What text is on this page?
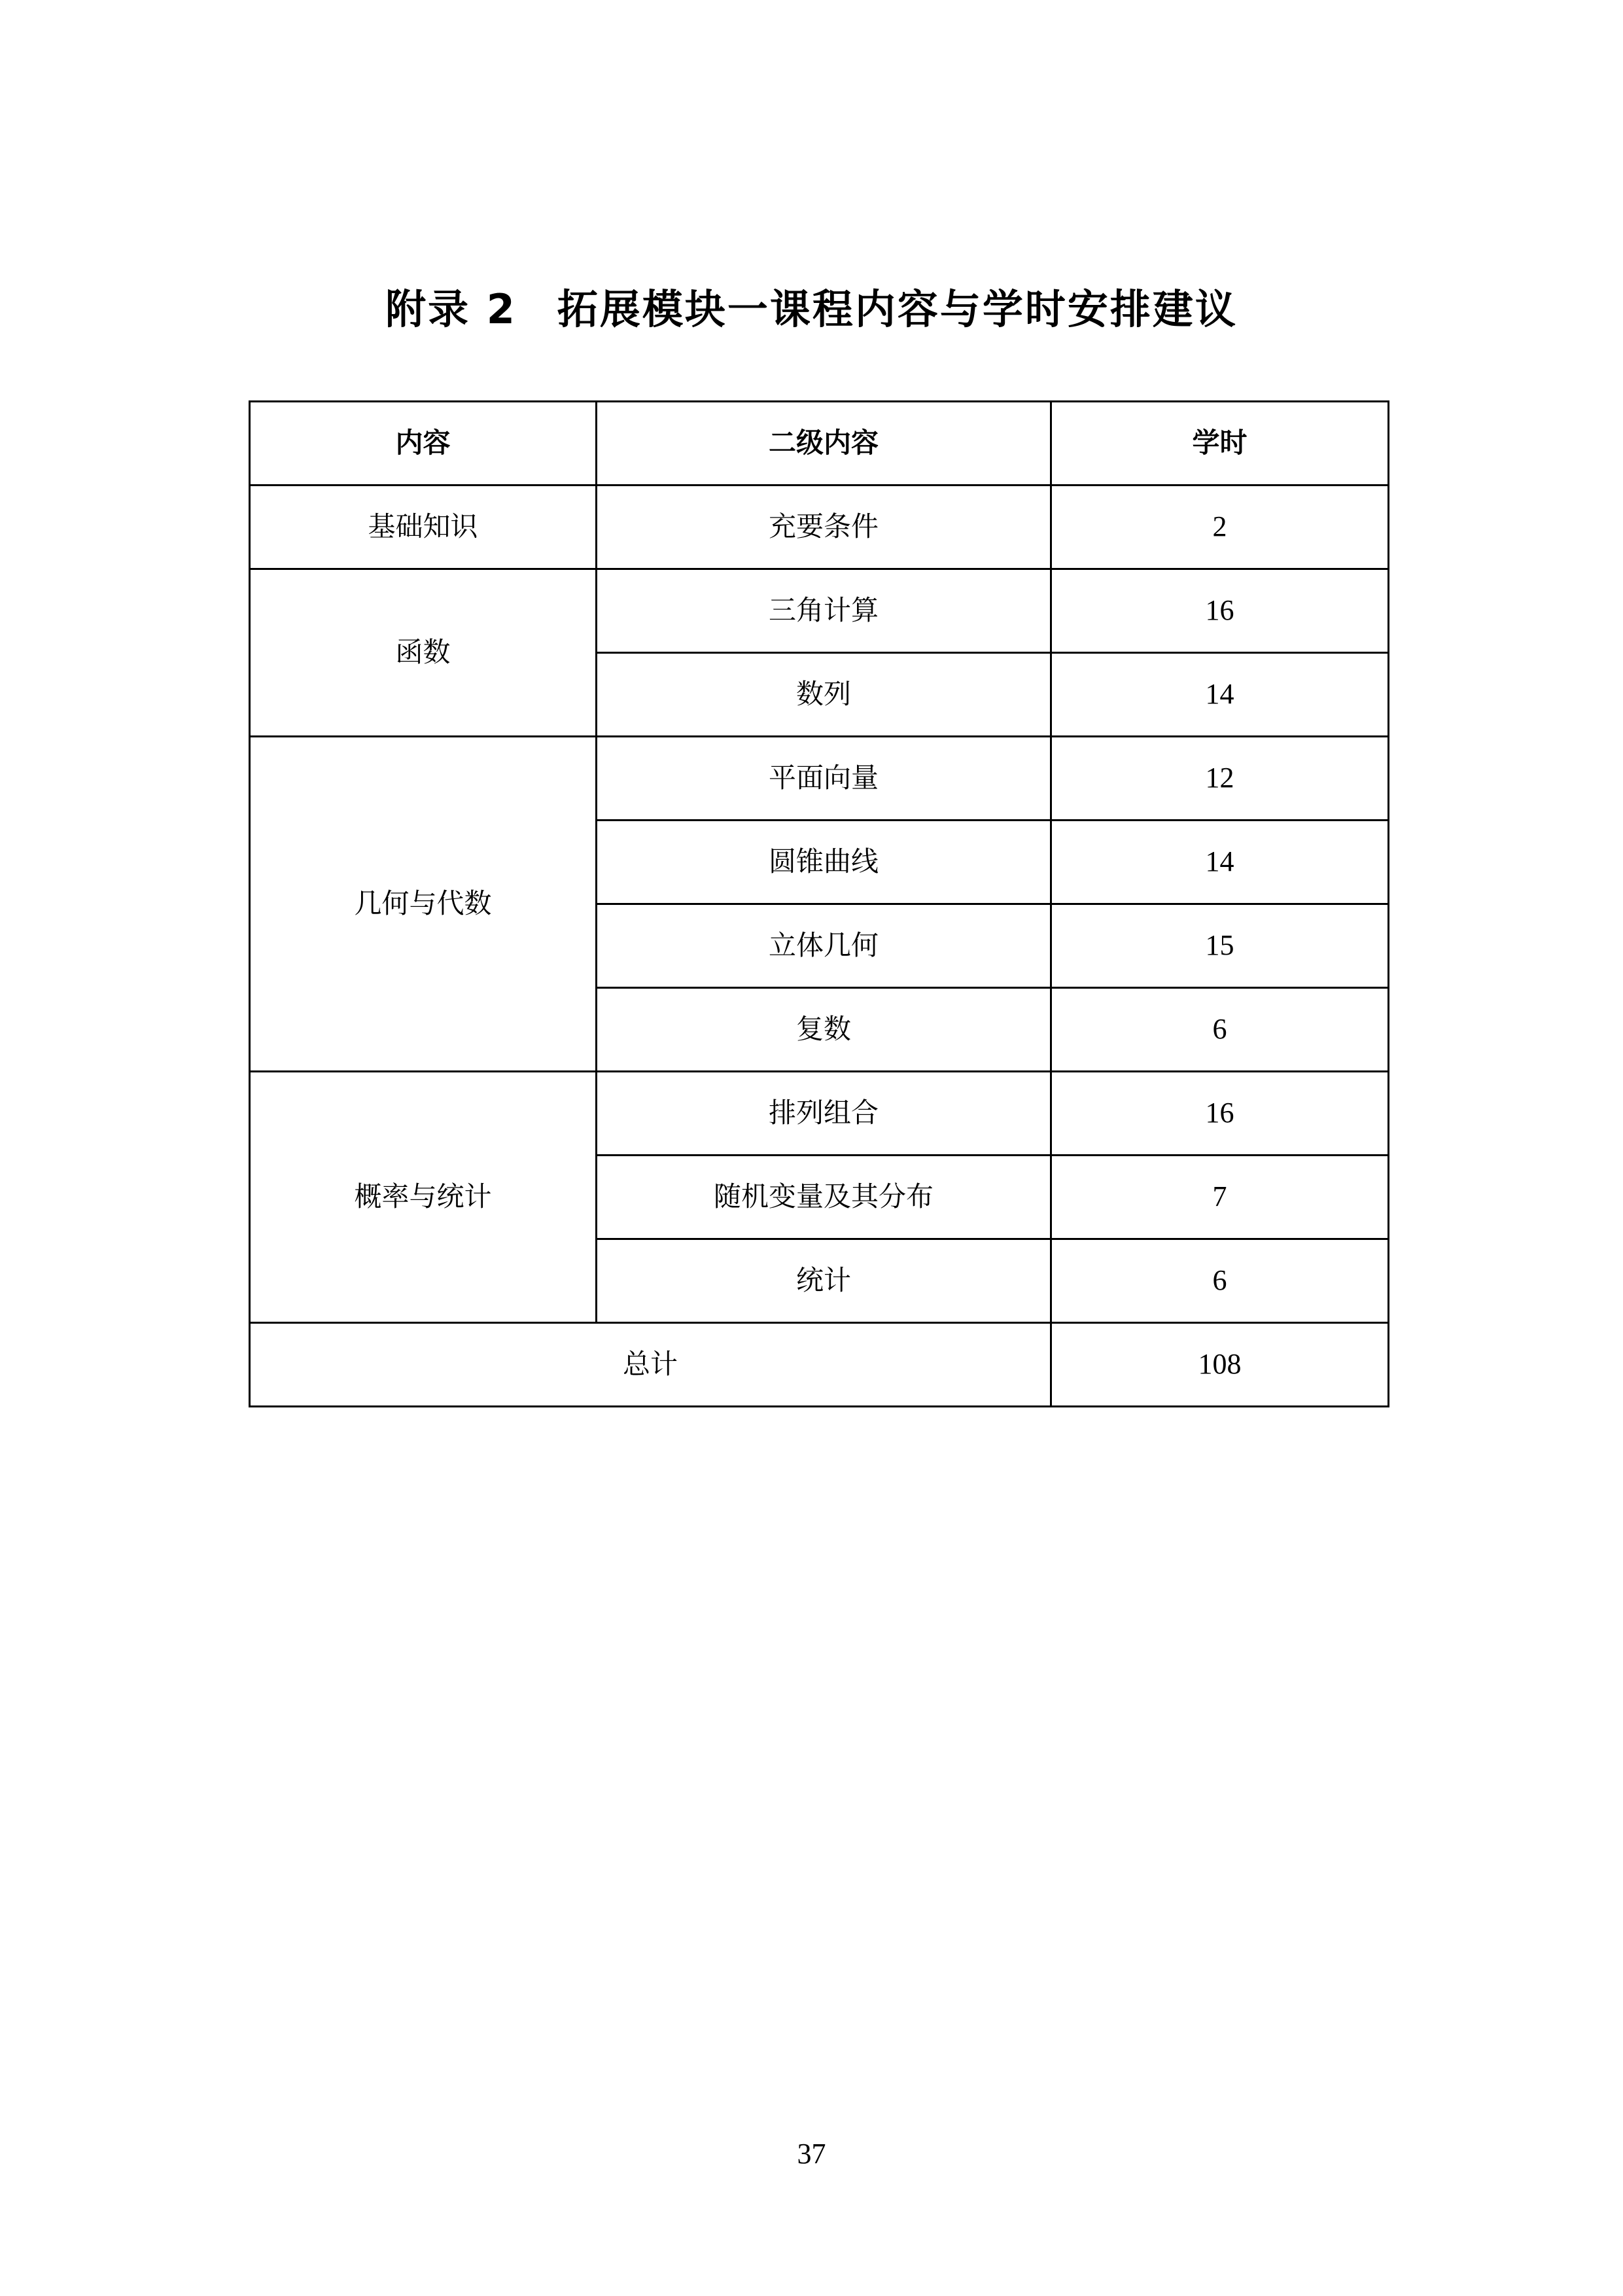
附录 2 拓展模块一课程内容与学时安排建议
内容	二级内容	学时
基础知识	充要条件	2
函数	三角计算	16
	数列	14
几何与代数	平面向量	12
	圆锥曲线	14
	立体几何	15
	复数	6
概率与统计	排列组合	16
	随机变量及其分布	7
	统计	6
总计		108
37
